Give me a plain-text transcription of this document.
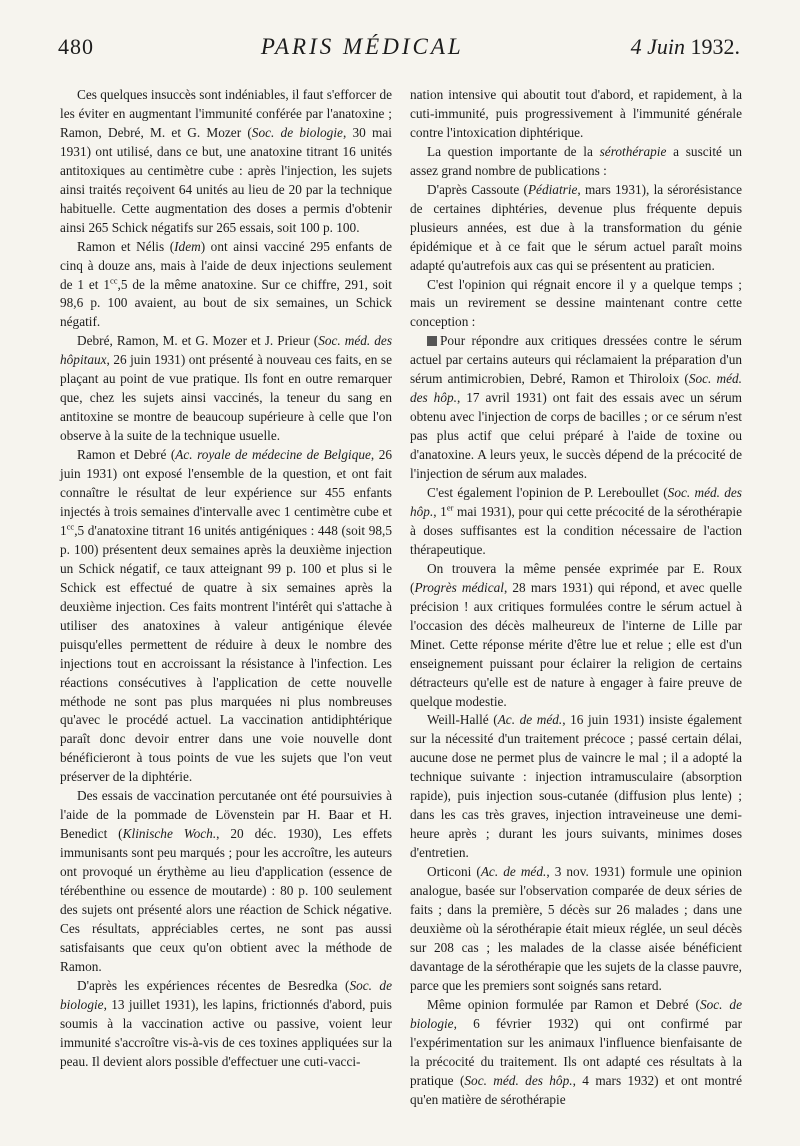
480	PARIS MÉDICAL	4 Juin 1932.

Ces quelques insuccès sont indéniables, il faut s'efforcer de les éviter en augmentant l'immunité conférée par l'anatoxine ; Ramon, Debré, M. et G. Mozer (Soc. de biologie, 30 mai 1931) ont utilisé, dans ce but, une anatoxine titrant 16 unités antitoxiques au centimètre cube : après l'injection, les sujets ainsi traités reçoivent 64 unités au lieu de 20 par la technique habituelle. Cette augmentation des doses a permis d'obtenir ainsi 265 Schick négatifs sur 265 essais, soit 100 p. 100.

Ramon et Nélis (Idem) ont ainsi vacciné 295 enfants de cinq à douze ans, mais à l'aide de deux injections seulement de 1 et $1^{cc},5$ de la même anatoxine. Sur ce chiffre, 291, soit 98,6 p. 100 avaient, au bout de six semaines, un Schick négatif.

Debré, Ramon, M. et G. Mozer et J. Prieur (Soc. méd. des hôpitaux, 26 juin 1931) ont présenté à nouveau ces faits, en se plaçant au point de vue pratique. Ils font en outre remarquer que, chez les sujets ainsi vaccinés, la teneur du sang en antitoxine se montre de beaucoup supérieure à celle que l'on observe à la suite de la technique usuelle.

Ramon et Debré (Ac. royale de médecine de Belgique, 26 juin 1931) ont exposé l'ensemble de la question, et ont fait connaître le résultat de leur expérience sur 455 enfants injectés à trois semaines d'intervalle avec 1 centimètre cube et $1^{cc},5$ d'anatoxine titrant 16 unités antigéniques : 448 (soit 98,5 p. 100) présentent deux semaines après la deuxième injection un Schick négatif, ce taux atteignant 99 p. 100 et plus si le Schick est effectué de quatre à six semaines après la deuxième injection. Ces faits montrent l'intérêt qui s'attache à utiliser des anatoxines à valeur antigénique élevée puisqu'elles permettent de réduire à deux le nombre des injections tout en accroissant la résistance à l'infection. Les réactions consécutives à l'application de cette nouvelle méthode ne sont pas plus marquées ni plus nombreuses qu'avec le procédé actuel. La vaccination antidiphtérique paraît donc devoir entrer dans une voie nouvelle dont bénéficieront à tous points de vue les sujets que l'on veut préserver de la diphtérie.

Des essais de vaccination percutanée ont été poursuivies à l'aide de la pommade de Lövenstein par H. Baar et H. Benedict (Klinische Woch., 20 déc. 1930), Les effets immunisants sont peu marqués ; pour les accroître, les auteurs ont provoqué un érythème au lieu d'application (essence de térébenthine ou essence de moutarde) : 80 p. 100 seulement des sujets ont présenté alors une réaction de Schick négative. Ces résultats, appréciables certes, ne sont pas aussi satisfaisants que ceux qu'on obtient avec la méthode de Ramon.

D'après les expériences récentes de Besredka (Soc. de biologie, 13 juillet 1931), les lapins, frictionnés d'abord, puis soumis à la vaccination active ou passive, voient leur immunité s'accroître vis-à-vis de ces toxines appliquées sur la peau. Il devient alors possible d'effectuer une cuti-vacci-

nation intensive qui aboutit tout d'abord, et rapidement, à la cuti-immunité, puis progressivement à l'immunité générale contre l'intoxication diphtérique.

La question importante de la sérothérapie a suscité un assez grand nombre de publications :

D'après Cassoute (Pédiatrie, mars 1931), la sérorésistance de certaines diphtéries, devenue plus fréquente depuis plusieurs années, est due à la transformation du génie épidémique et à ce fait que le sérum actuel paraît moins adapté qu'autrefois aux cas qui se présentent au praticien.

C'est l'opinion qui régnait encore il y a quelque temps ; mais un revirement se dessine maintenant contre cette conception :

Pour répondre aux critiques dressées contre le sérum actuel par certains auteurs qui réclamaient la préparation d'un sérum antimicrobien, Debré, Ramon et Thiroloix (Soc. méd. des hôp., 17 avril 1931) ont fait des essais avec un sérum obtenu avec l'injection de corps de bacilles ; or ce sérum n'est pas plus actif que celui préparé à l'aide de toxine ou d'anatoxine. A leurs yeux, le succès dépend de la précocité de l'injection de sérum aux malades.

C'est également l'opinion de P. Lereboullet (Soc. méd. des hôp., 1er mai 1931), pour qui cette précocité de la sérothérapie à doses suffisantes est la condition nécessaire de l'action thérapeutique.

On trouvera la même pensée exprimée par E. Roux (Progrès médical, 28 mars 1931) qui répond, et avec quelle précision ! aux critiques formulées contre le sérum actuel à l'occasion des décès malheureux de l'interne de Lille par Minet. Cette réponse mérite d'être lue et relue ; elle est d'un enseignement puissant pour éclairer la religion de certains détracteurs qu'elle est de nature à engager à faire preuve de quelque modestie.

Weill-Hallé (Ac. de méd., 16 juin 1931) insiste également sur la nécessité d'un traitement précoce ; passé certain délai, aucune dose ne permet plus de vaincre le mal ; il a adopté la technique suivante : injection intramusculaire (absorption rapide), puis injection sous-cutanée (diffusion plus lente) ; dans les cas très graves, injection intraveineuse une demi-heure après ; durant les jours suivants, minimes doses d'entretien.

Orticoni (Ac. de méd., 3 nov. 1931) formule une opinion analogue, basée sur l'observation comparée de deux séries de faits ; dans la première, 5 décès sur 26 malades ; dans une deuxième où la sérothérapie était mieux réglée, un seul décès sur 208 cas ; les malades de la classe aisée bénéficient davantage de la sérothérapie que les sujets de la classe pauvre, parce que les premiers sont soignés sans retard.

Même opinion formulée par Ramon et Debré (Soc. de biologie, 6 février 1932) qui ont confirmé par l'expérimentation sur les animaux l'influence bienfaisante de la précocité du traitement. Ils ont adapté ces résultats à la pratique (Soc. méd. des hôp., 4 mars 1932) et ont montré qu'en matière de sérothérapie
